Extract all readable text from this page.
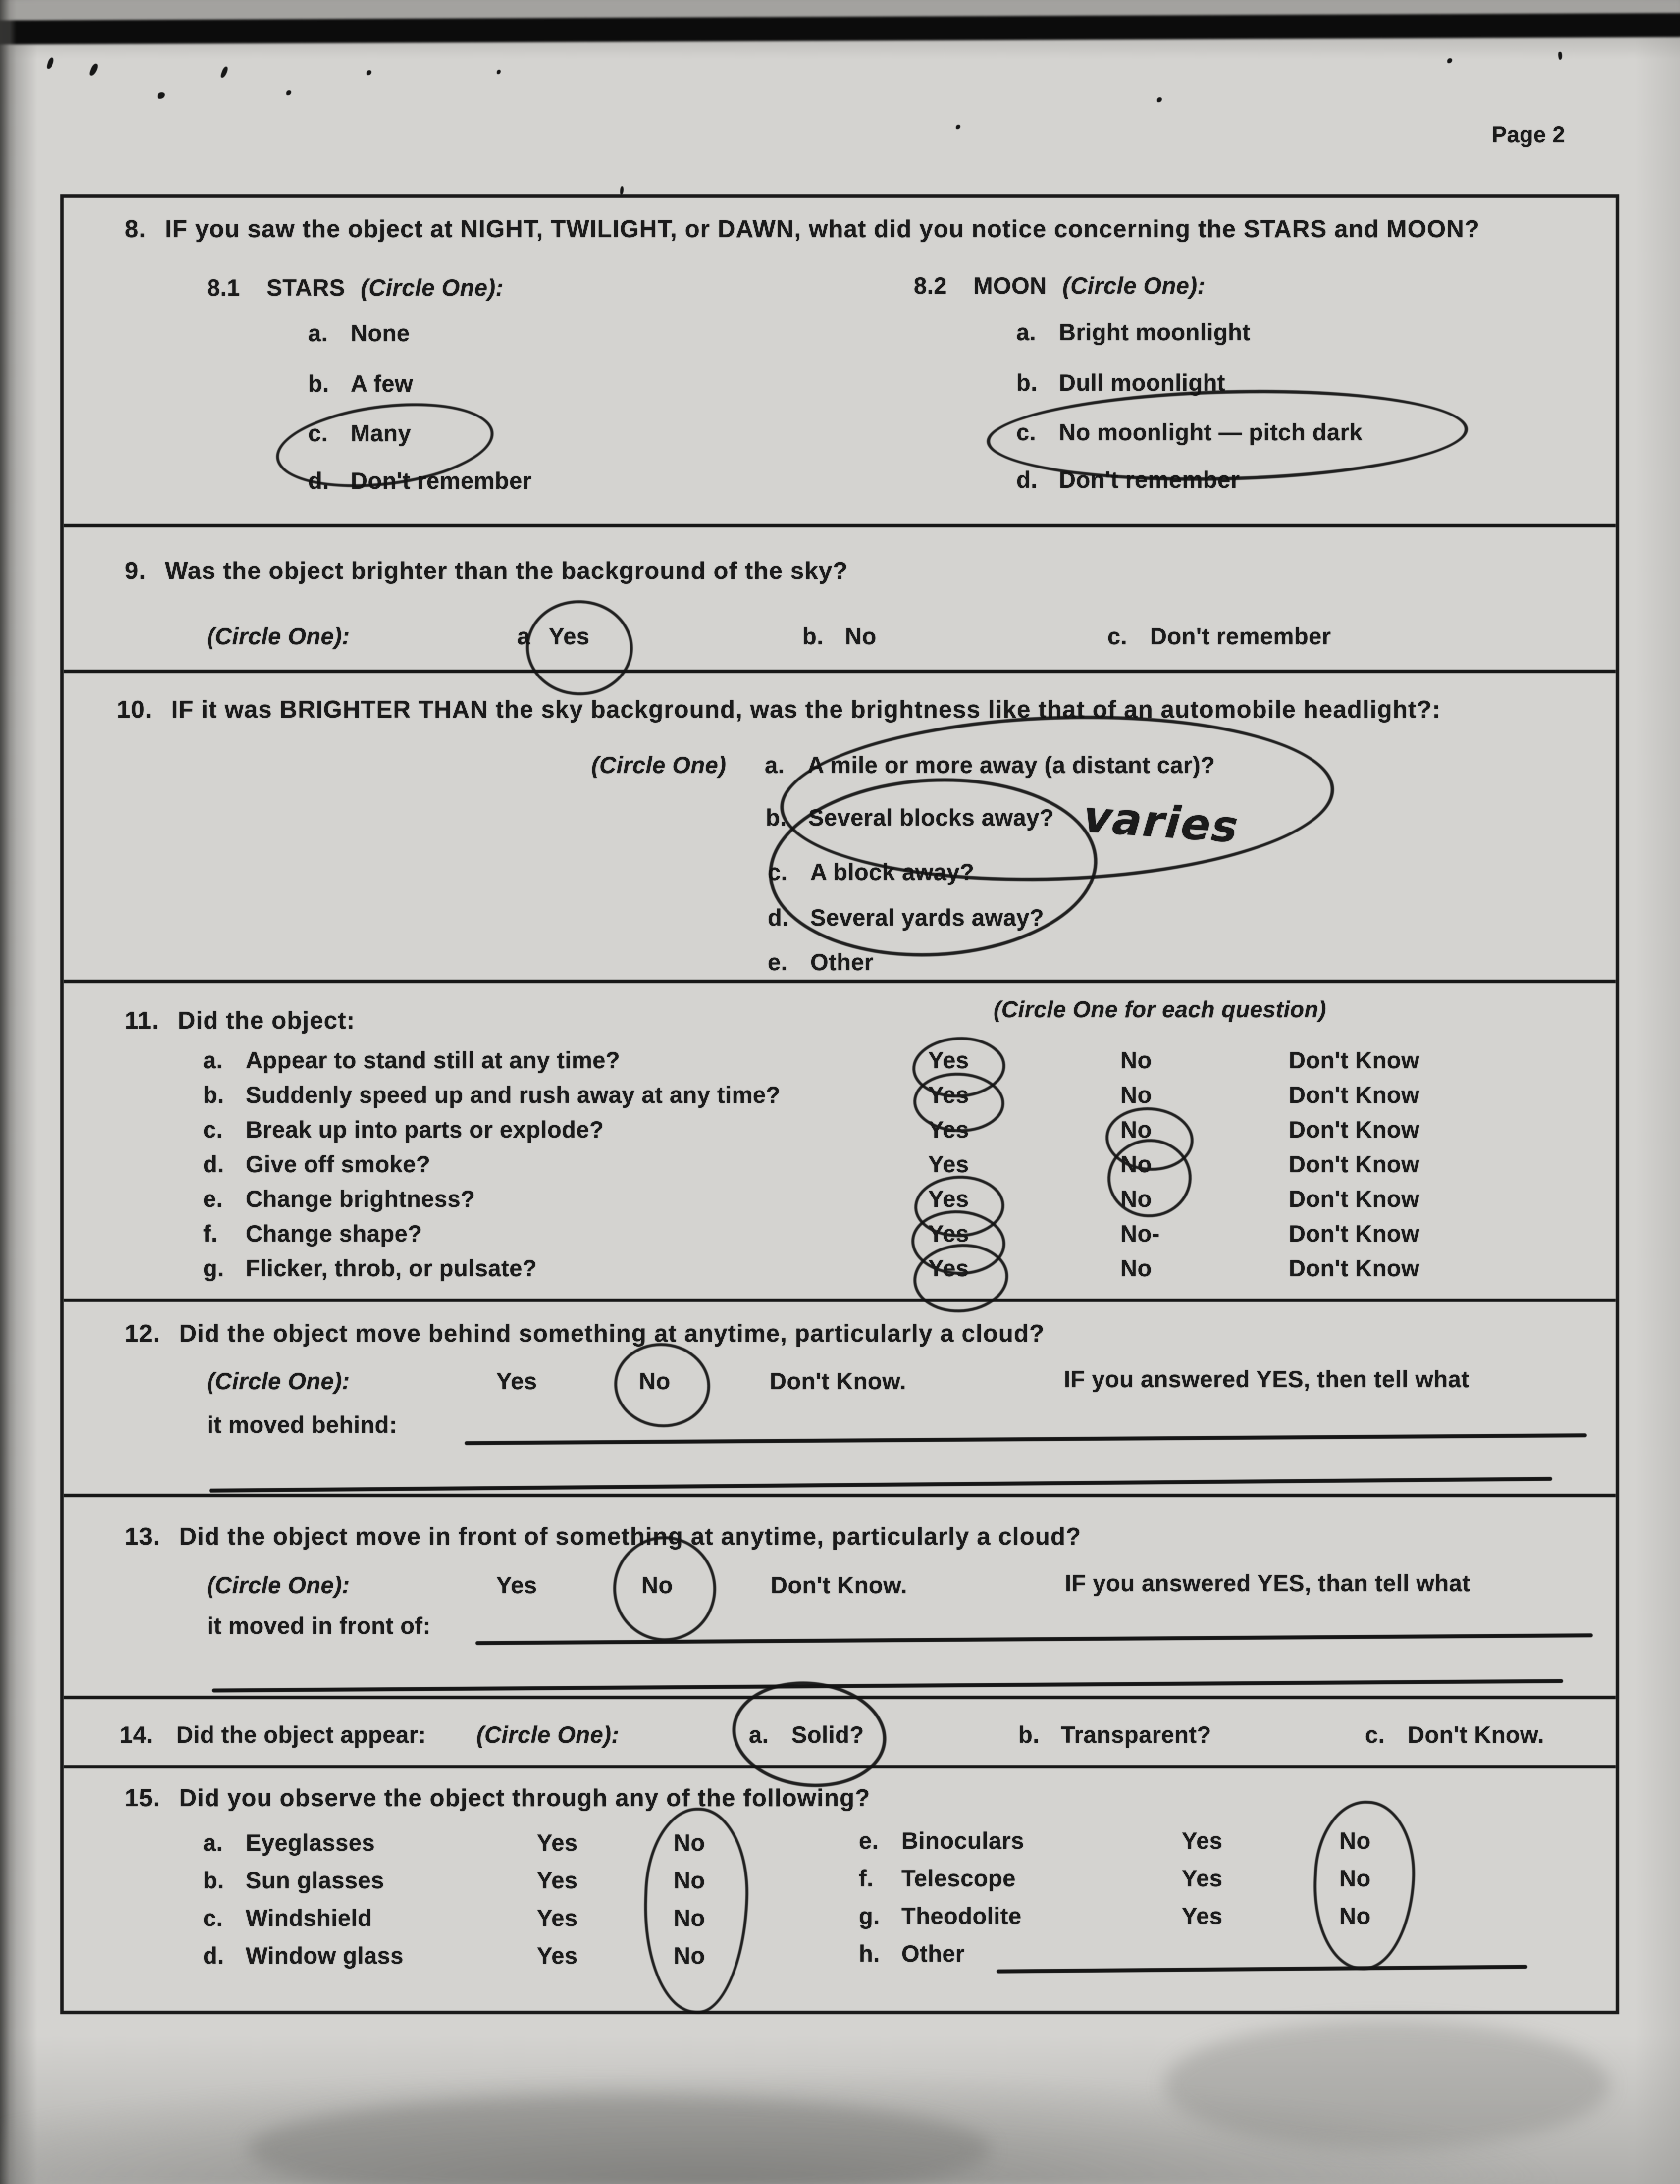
Page 2
8. IF you saw the object at NIGHT, TWILIGHT, or DAWN, what did you notice concerning the STARS and MOON?
8.1 STARS (Circle One):	8.2 MOON (Circle One):
a. None
b. A few
c. Many
d. Don't remember
a. Bright moonlight
b. Dull moonlight
c. No moonlight — pitch dark
d. Don't remember
9. Was the object brighter than the background of the sky?
(Circle One):	a Yes	b. No	c. Don't remember
10. IF it was BRIGHTER THAN the sky background, was the brightness like that of an automobile headlight?:
(Circle One) a. A mile or more away (a distant car)?
b. Several blocks away?
c. A block away?
d. Several yards away?
e. Other
varies
11. Did the object:	(Circle One for each question)
a. Appear to stand still at any time?	Yes	No	Don't Know
b. Suddenly speed up and rush away at any time?	Yes	No	Don't Know
c. Break up into parts or explode?	Yes	No	Don't Know
d. Give off smoke?	Yes	No	Don't Know
e. Change brightness?	Yes	No	Don't Know
f. Change shape?	Yes	No-	Don't Know
g. Flicker, throb, or pulsate?	Yes	No	Don't Know
12. Did the object move behind something at anytime, particularly a cloud?
(Circle One):	Yes	No	Don't Know.	IF you answered YES, then tell what
it moved behind:
13. Did the object move in front of something at anytime, particularly a cloud?
(Circle One):	Yes	No	Don't Know.	IF you answered YES, than tell what
it moved in front of:
14. Did the object appear: (Circle One):	a. Solid?	b. Transparent?	c. Don't Know.
15. Did you observe the object through any of the following?
a. Eyeglasses	Yes	No
b. Sun glasses	Yes	No
c. Windshield	Yes	No
d. Window glass	Yes	No
e. Binoculars	Yes	No
f. Telescope	Yes	No
g. Theodolite	Yes	No
h. Other
